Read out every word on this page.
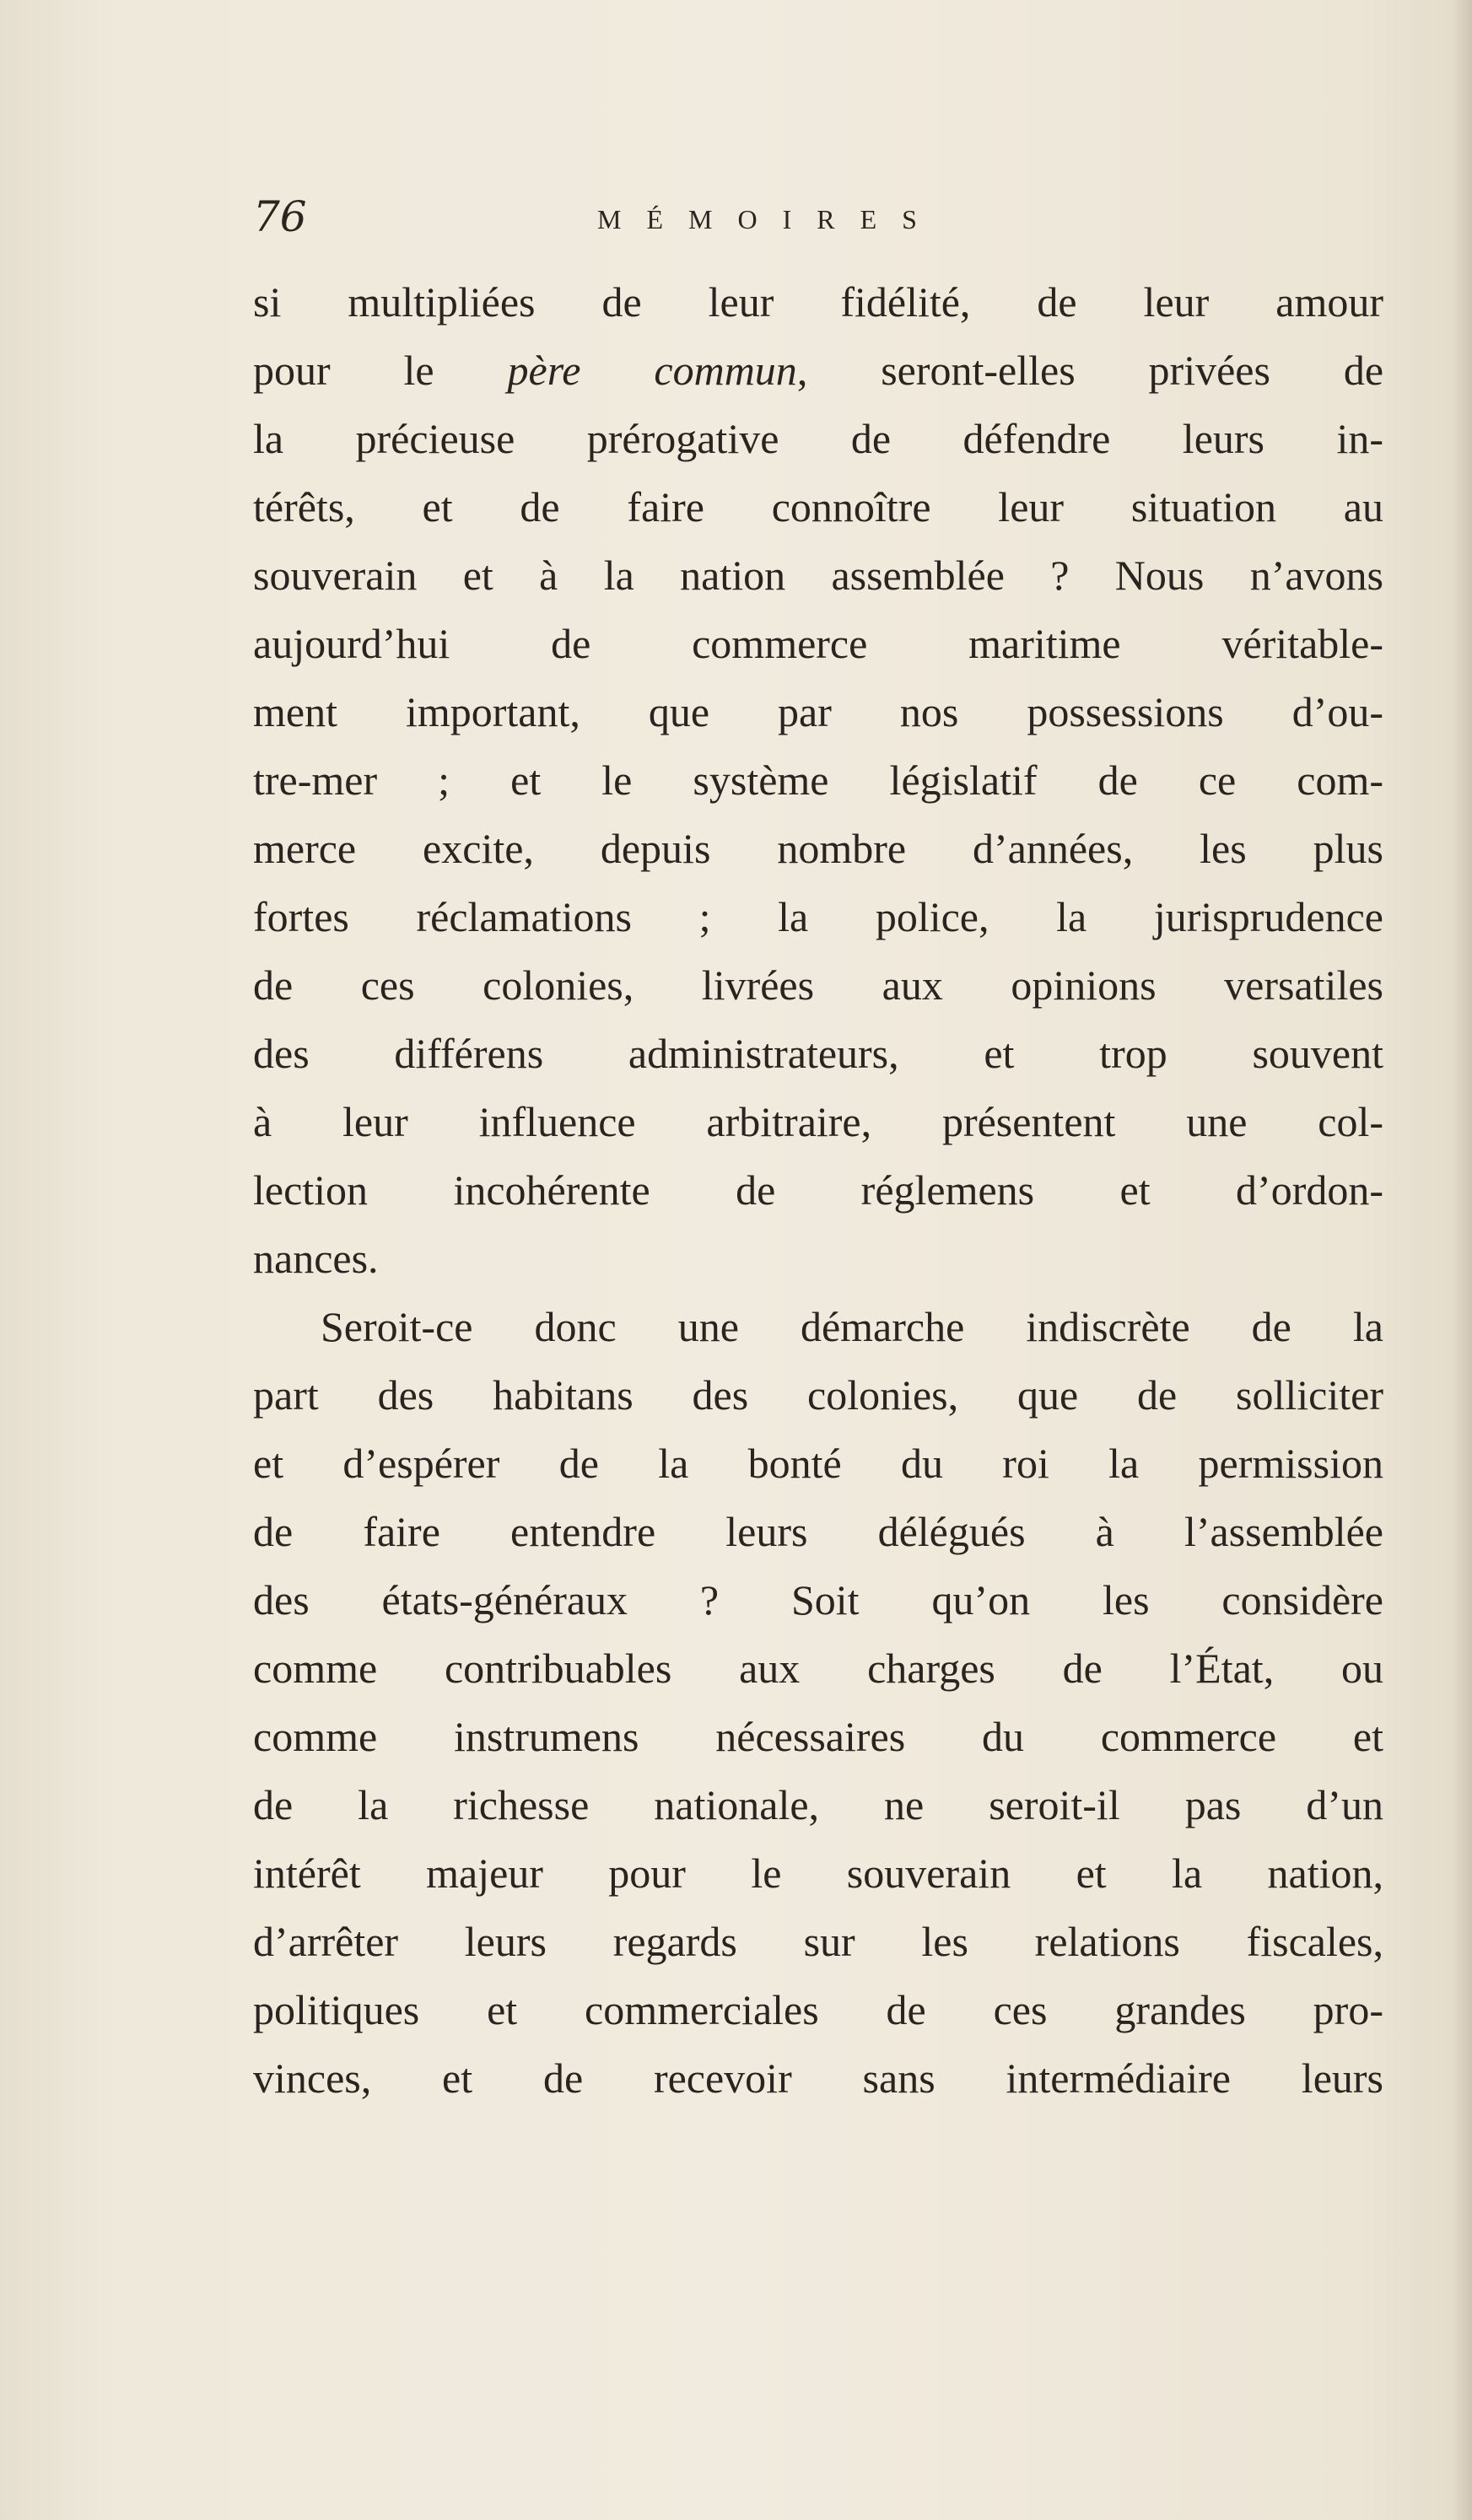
76	MÉMOIRES
si multipliées de leur fidélité, de leur amour
pour le père commun, seront-elles privées de
la précieuse prérogative de défendre leurs in-
térêts, et de faire connoître leur situation au
souverain et à la nation assemblée ? Nous n’avons
aujourd’hui de commerce maritime véritable-
ment important, que par nos possessions d’ou-
tre-mer ; et le système législatif de ce com-
merce excite, depuis nombre d’années, les plus
fortes réclamations ; la police, la jurisprudence
de ces colonies, livrées aux opinions versatiles
des différens administrateurs, et trop souvent
à leur influence arbitraire, présentent une col-
lection incohérente de réglemens et d’ordon-
nances.
Seroit-ce donc une démarche indiscrète de la
part des habitans des colonies, que de solliciter
et d’espérer de la bonté du roi la permission
de faire entendre leurs délégués à l’assemblée
des états-généraux ? Soit qu’on les considère
comme contribuables aux charges de l’État, ou
comme instrumens nécessaires du commerce et
de la richesse nationale, ne seroit-il pas d’un
intérêt majeur pour le souverain et la nation,
d’arrêter leurs regards sur les relations fiscales,
politiques et commerciales de ces grandes pro-
vinces, et de recevoir sans intermédiaire leurs
